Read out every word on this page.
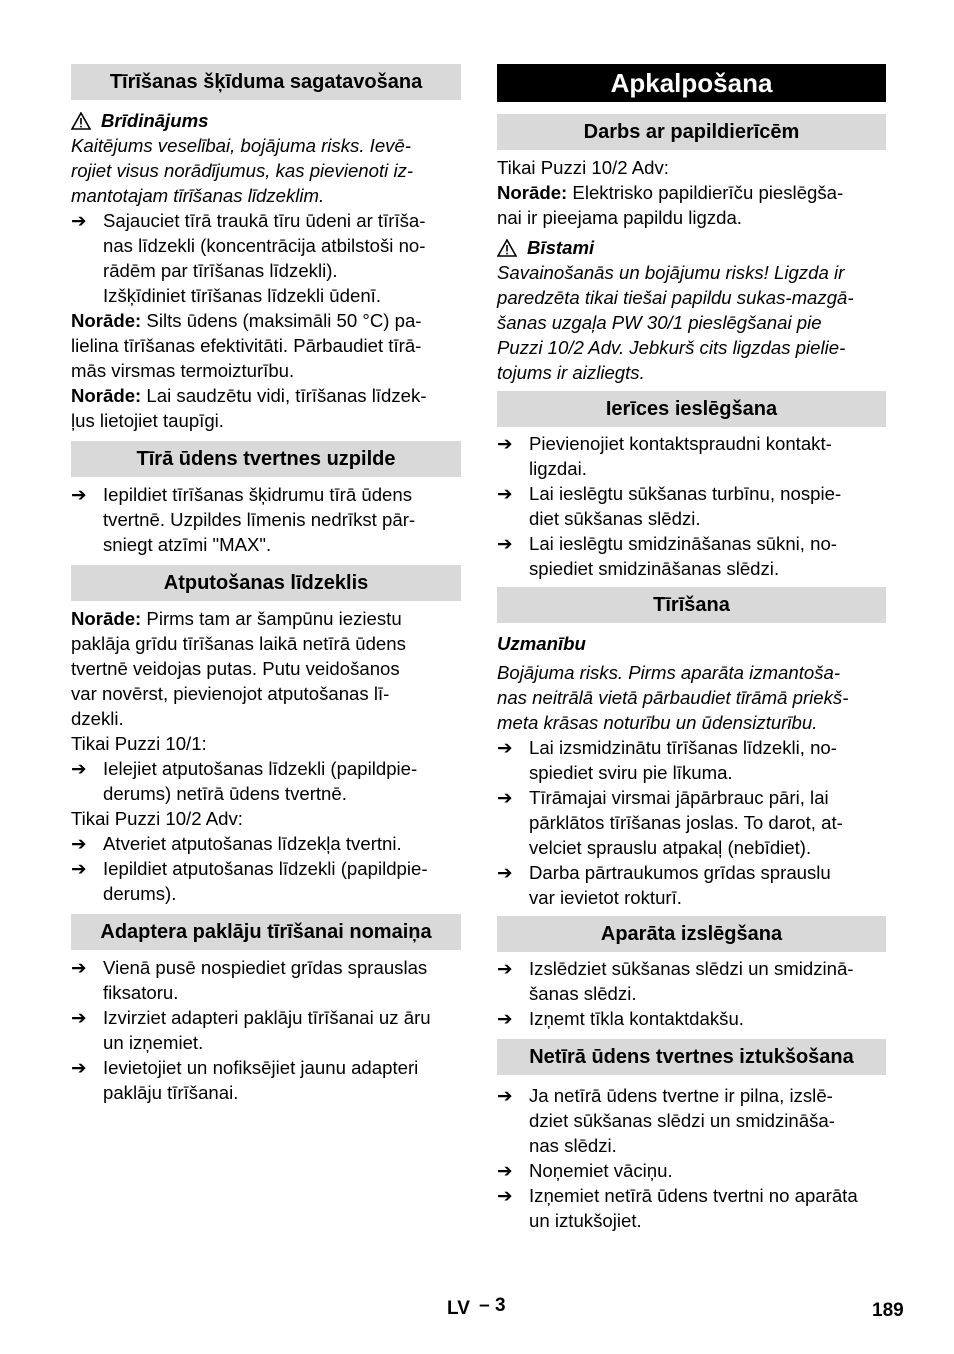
Tīrīšanas šķīduma sagatavošana
Brīdinājums

Kaitējums veselībai, bojājuma risks. Ievē-

rojiet visus norādījumus, kas pievienoti iz-

mantotajam tīrīšanas līdzeklim.

➔ Sajauciet tīrā traukā tīru ūdeni ar tīrīša-

nas līdzekli (koncentrācija atbilstoši no-

rādēm par tīrīšanas līdzekli).

Izšķīdiniet tīrīšanas līdzekli ūdenī.

Norāde: Silts ūdens (maksimāli 50 °C) pa-

lielina tīrīšanas efektivitāti. Pārbaudiet tīrā-

mās virsmas termoizturību.

Norāde: Lai saudzētu vidi, tīrīšanas līdzek-

ļus lietojiet taupīgi.

Tīrā ūdens tvertnes uzpilde
➔ Iepildiet tīrīšanas šķidrumu tīrā ūdens

tvertnē. Uzpildes līmenis nedrīkst pār-

sniegt atzīmi "MAX".

Atputošanas līdzeklis

Norāde: Pirms tam ar šampūnu ieziestu

paklāja grīdu tīrīšanas laikā netīrā ūdens

tvertnē veidojas putas. Putu veidošanos

var novērst, pievienojot atputošanas lī-

dzekli.

Tikai Puzzi 10/1:

➔ Ielejiet atputošanas līdzekli (papildpie-

derums) netīrā ūdens tvertnē.

Tikai Puzzi 10/2 Adv:

➔ Atveriet atputošanas līdzekļa tvertni.
➔ Iepildiet atputošanas līdzekli (papildpie-

derums).

Adaptera paklāju tīrīšanai nomaiņa
➔ Vienā pusē nospiediet grīdas sprauslas

fiksatoru.

➔ Izvirziet adapteri paklāju tīrīšanai uz āru

un izņemiet.

➔ Ievietojiet un nofiksējiet jaunu adapteri

paklāju tīrīšanai.

Apkalpošana
Darbs ar papildierīcēm

Tikai Puzzi 10/2 Adv:

Norāde: Elektrisko papildierīču pieslēgša-

nai ir pieejama papildu ligzda.

Bīstami

Savainošanās un bojājumu risks! Ligzda ir

paredzēta tikai tiešai papildu sukas-mazgā-

šanas uzgaļa PW 30/1 pieslēgšanai pie

Puzzi 10/2 Adv. Jebkurš cits ligzdas pielie-

tojums ir aizliegts.

Ierīces ieslēgšana
➔ Pievienojiet kontaktspraudni kontakt-

ligzdai.

➔ Lai ieslēgtu sūkšanas turbīnu, nospie-

diet sūkšanas slēdzi.

➔ Lai ieslēgtu smidzināšanas sūkni, no-

spiediet smidzināšanas slēdzi.

Tīrīšana

Uzmanību

Bojājuma risks. Pirms aparāta izmantoša-

nas neitrālā vietā pārbaudiet tīrāmā priekš-

meta krāsas noturību un ūdensizturību.

➔ Lai izsmidzinātu tīrīšanas līdzekli, no-

spiediet sviru pie līkuma.

➔ Tīrāmajai virsmai jāpārbrauc pāri, lai

pārklātos tīrīšanas joslas. To darot, at-

velciet sprauslu atpakaļ (nebīdiet).

➔ Darba pārtraukumos grīdas sprauslu

var ievietot rokturī.

Aparāta izslēgšana
➔ Izslēdziet sūkšanas slēdzi un smidzinā-

šanas slēdzi.

➔ Izņemt tīkla kontaktdakšu.
Netīrā ūdens tvertnes iztukšošana
➔ Ja netīrā ūdens tvertne ir pilna, izslē-

dziet sūkšanas slēdzi un smidzināša-

nas slēdzi.

➔ Noņemiet vāciņu.
➔ Izņemiet netīrā ūdens tvertni no aparāta

un iztukšojiet.

LV – 3	189
